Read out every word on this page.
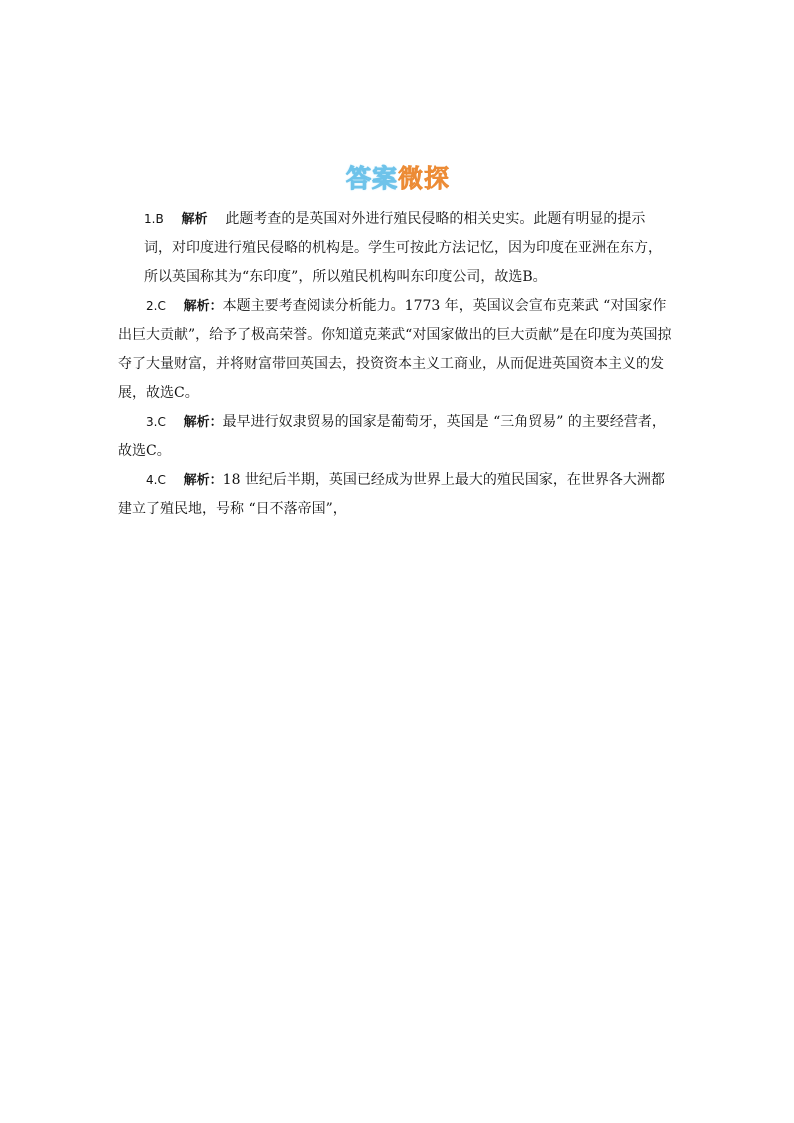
答案微探

1.B 解析 此题考查的是英国对外进行殖民侵略的相关史实。此题有明显的提示词，对印度进行殖民侵略的机构是。学生可按此方法记忆，因为印度在亚洲在东方，所以英国称其为“东印度”，所以殖民机构叫东印度公司，故选B。

2.C 解析：本题主要考查阅读分析能力。1773 年，英国议会宣布克莱武 “对国家作出巨大贡献”，给予了极高荣誉。你知道克莱武“对国家做出的巨大贡献”是在印度为英国掠夺了大量财富，并将财富带回英国去，投资资本主义工商业，从而促进英国资本主义的发展，故选C。

3.C 解析：最早进行奴隶贸易的国家是葡萄牙，英国是 “三角贸易” 的主要经营者，故选C。

4.C 解析：18 世纪后半期，英国已经成为世界上最大的殖民国家，在世界各大洲都建立了殖民地，号称 “日不落帝国”，
